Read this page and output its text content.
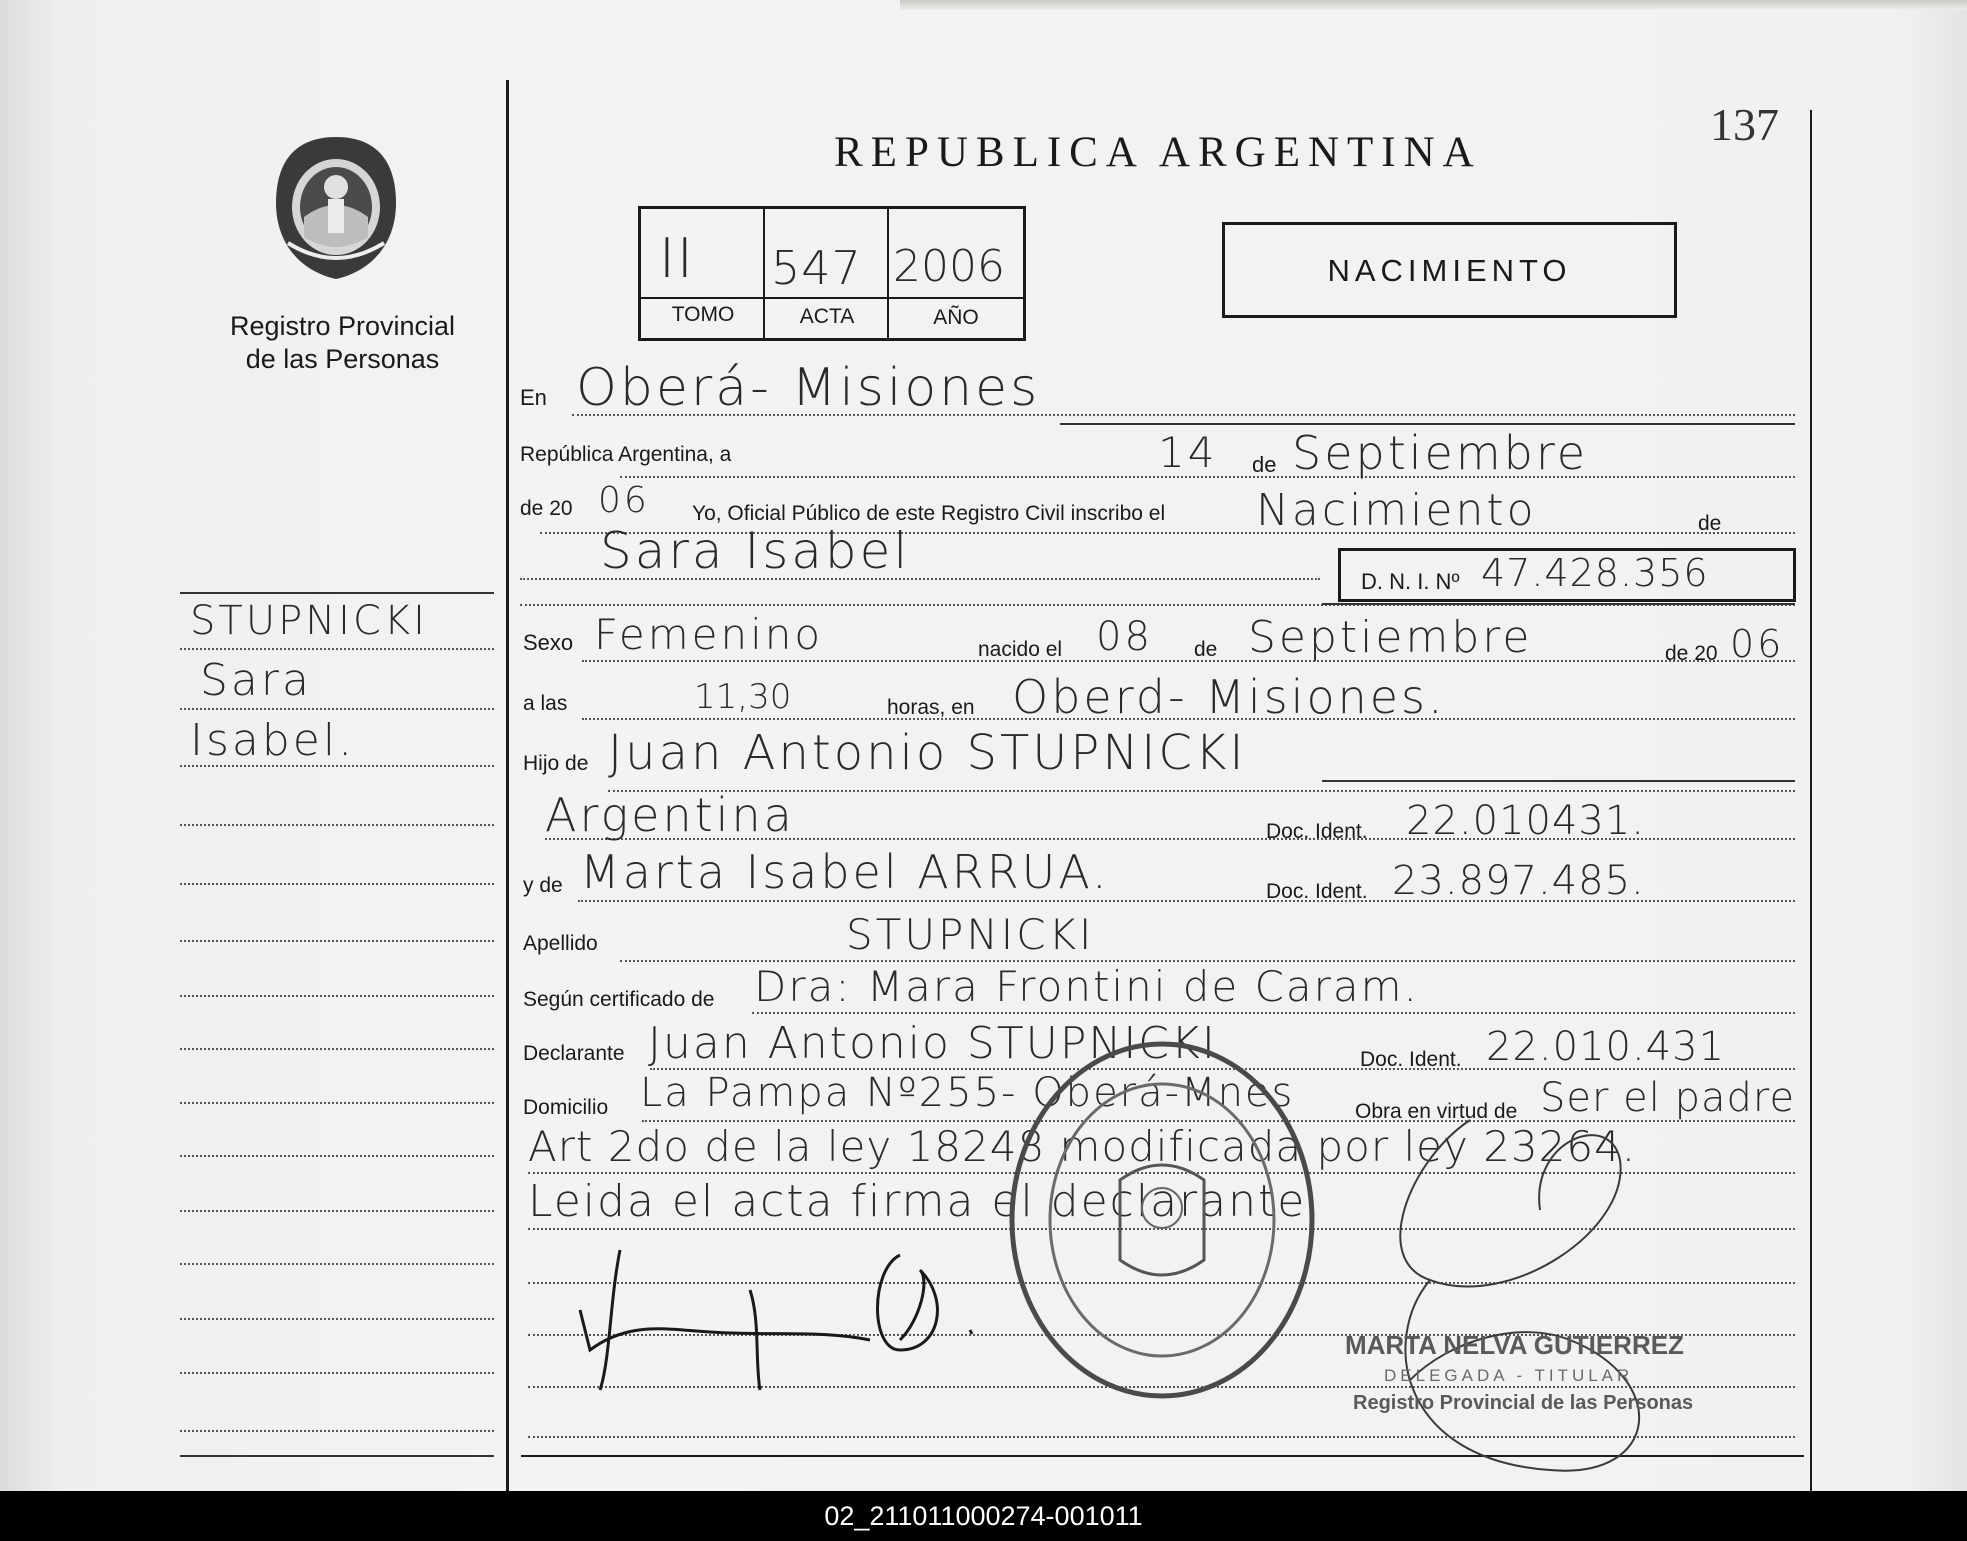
137
Registro Provincial
de las Personas
STUPNICKI
Sara
Isabel.
REPUBLICA ARGENTINA
II 547 2006
TOMO	ACTA	AÑO
NACIMIENTO
En Oberá- Misiones
República Argentina, a	14 de Septiembre
de 20 06 Yo, Oficial Público de este Registro Civil inscribo el Nacimiento	de
Sara Isabel
D. N. I. Nº 47.428.356
Sexo Femenino	nacido el 08 de Septiembre	de 20 06
a las	11,30	horas, en Oberd- Misiones.
Hijo de Juan Antonio STUPNICKI
Argentina	Doc. Ident. 22.010431.
y de Marta Isabel ARRUA.	Doc. Ident. 23.897.485.
Apellido	STUPNICKI
Según certificado de Dra: Mara Frontini de Caram.
Declarante Juan Antonio STUPNICKI	Doc. Ident. 22.010.431
Domicilio La Pampa Nº255- Oberá-Mnes	Obra en virtud de Ser el padre
Art 2do de la ley 18248 modificada por ley 23264.
Leida el acta firma el declarante.
MARTA NELVA GUTIERREZ
DELEGADA - TITULAR
Registro Provincial de las Personas
02_211011000274-001011
